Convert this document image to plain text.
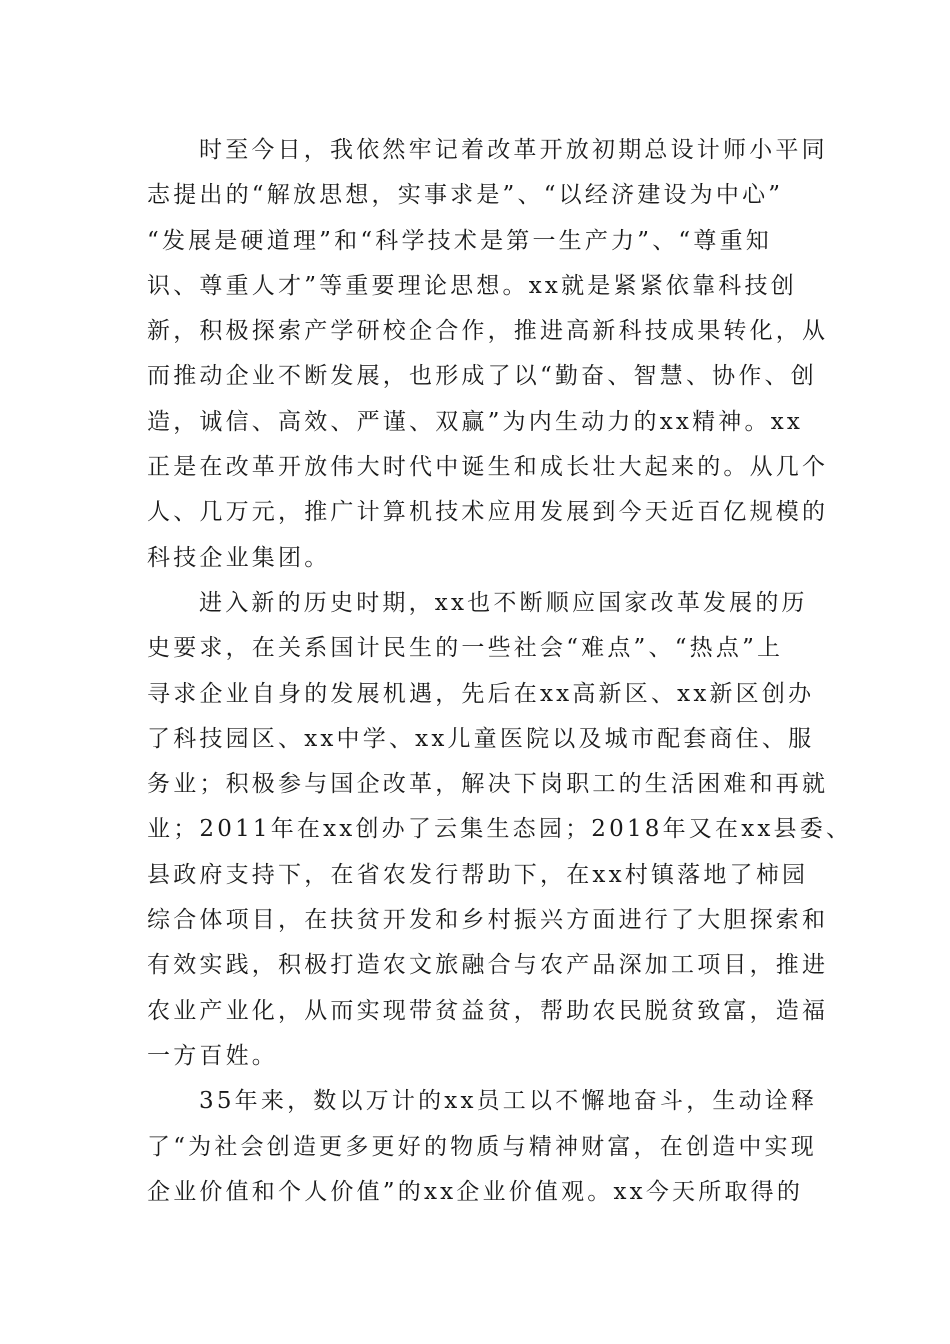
时至今日，我依然牢记着改革开放初期总设计师小平同
志提出的“解放思想，实事求是”、“以经济建设为中心”
“发展是硬道理”和“科学技术是第一生产力”、“尊重知
识、尊重人才”等重要理论思想。xx就是紧紧依靠科技创
新，积极探索产学研校企合作，推进高新科技成果转化，从
而推动企业不断发展，也形成了以“勤奋、智慧、协作、创
造，诚信、高效、严谨、双赢”为内生动力的xx精神。xx
正是在改革开放伟大时代中诞生和成长壮大起来的。从几个
人、几万元，推广计算机技术应用发展到今天近百亿规模的
科技企业集团。
进入新的历史时期，xx也不断顺应国家改革发展的历
史要求，在关系国计民生的一些社会“难点”、“热点”上
寻求企业自身的发展机遇，先后在xx高新区、xx新区创办
了科技园区、xx中学、xx儿童医院以及城市配套商住、服
务业；积极参与国企改革，解决下岗职工的生活困难和再就
业；2011年在xx创办了云集生态园；2018年又在xx县委、
县政府支持下，在省农发行帮助下，在xx村镇落地了柿园
综合体项目，在扶贫开发和乡村振兴方面进行了大胆探索和
有效实践，积极打造农文旅融合与农产品深加工项目，推进
农业产业化，从而实现带贫益贫，帮助农民脱贫致富，造福
一方百姓。
35年来，数以万计的xx员工以不懈地奋斗，生动诠释
了“为社会创造更多更好的物质与精神财富，在创造中实现
企业价值和个人价值”的xx企业价值观。xx今天所取得的
